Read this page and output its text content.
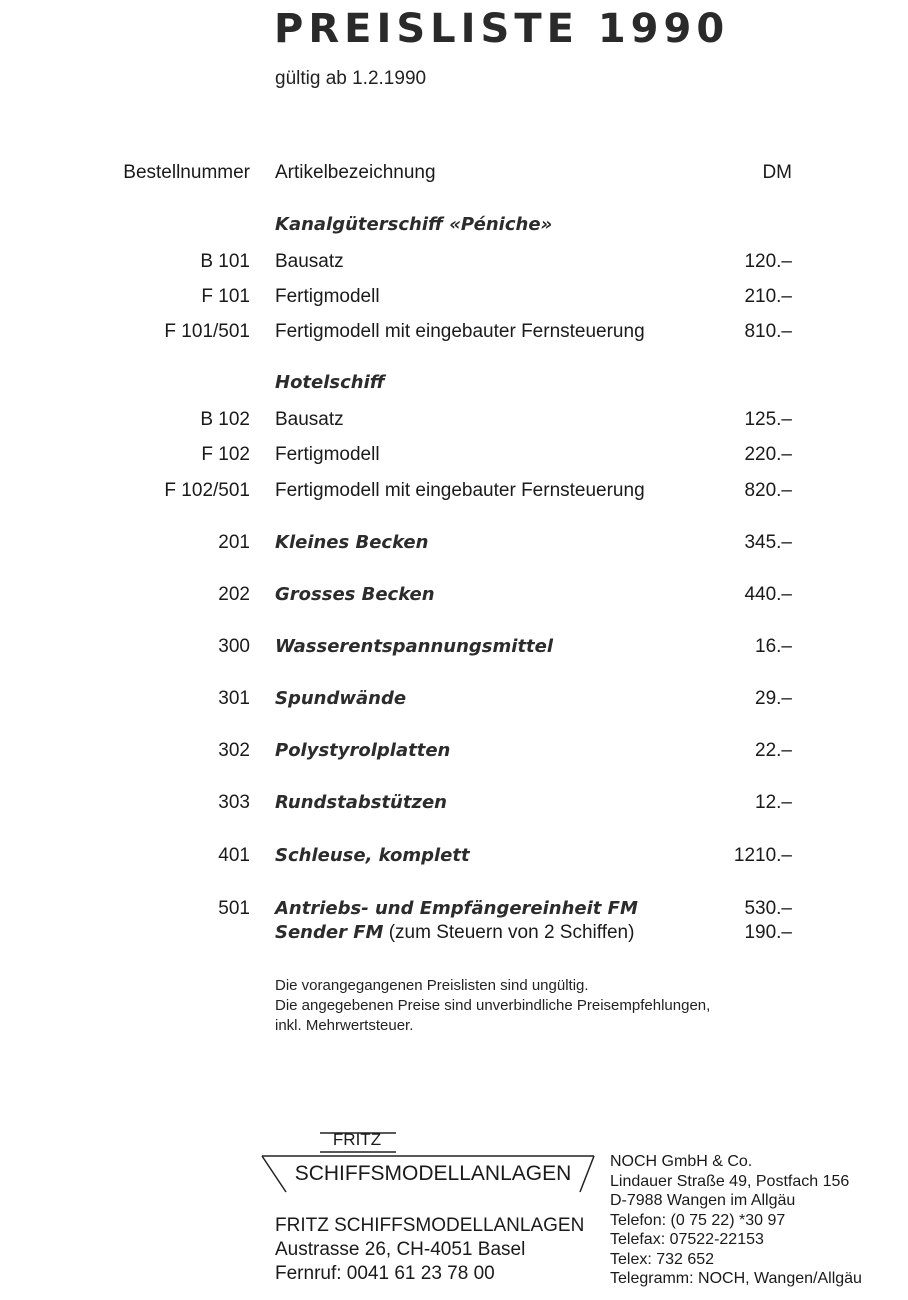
PREISLISTE 1990
gültig ab 1.2.1990
Bestellnummer Artikelbezeichnung	DM
Kanalgüterschiff «Péniche»
B 101 Bausatz	120.–
F 101 Fertigmodell	210.–
F 101/501 Fertigmodell mit eingebauter Fernsteuerung	810.–
Hotelschiff
B 102 Bausatz	125.–
F 102 Fertigmodell	220.–
F 102/501 Fertigmodell mit eingebauter Fernsteuerung	820.–
201 Kleines Becken	345.–
202 Grosses Becken	440.–
300 Wasserentspannungsmittel	16.–
301 Spundwände	29.–
302 Polystyrolplatten	22.–
303 Rundstabstützen	12.–
401 Schleuse, komplett	1210.–
501 Antriebs- und Empfängereinheit FM	530.–
Sender FM (zum Steuern von 2 Schiffen)	190.–
Die vorangegangenen Preislisten sind ungültig.
Die angegebenen Preise sind unverbindliche Preisempfehlungen,
inkl. Mehrwertsteuer.
FRITZ
SCHIFFSMODELLANLAGEN
FRITZ SCHIFFSMODELLANLAGEN
Austrasse 26, CH-4051 Basel
Fernruf: 0041 61 23 78 00
NOCH GmbH & Co.
Lindauer Straße 49, Postfach 156
D-7988 Wangen im Allgäu
Telefon: (0 75 22) *30 97
Telefax: 07522-22153
Telex: 732 652
Telegramm: NOCH, Wangen/Allgäu
